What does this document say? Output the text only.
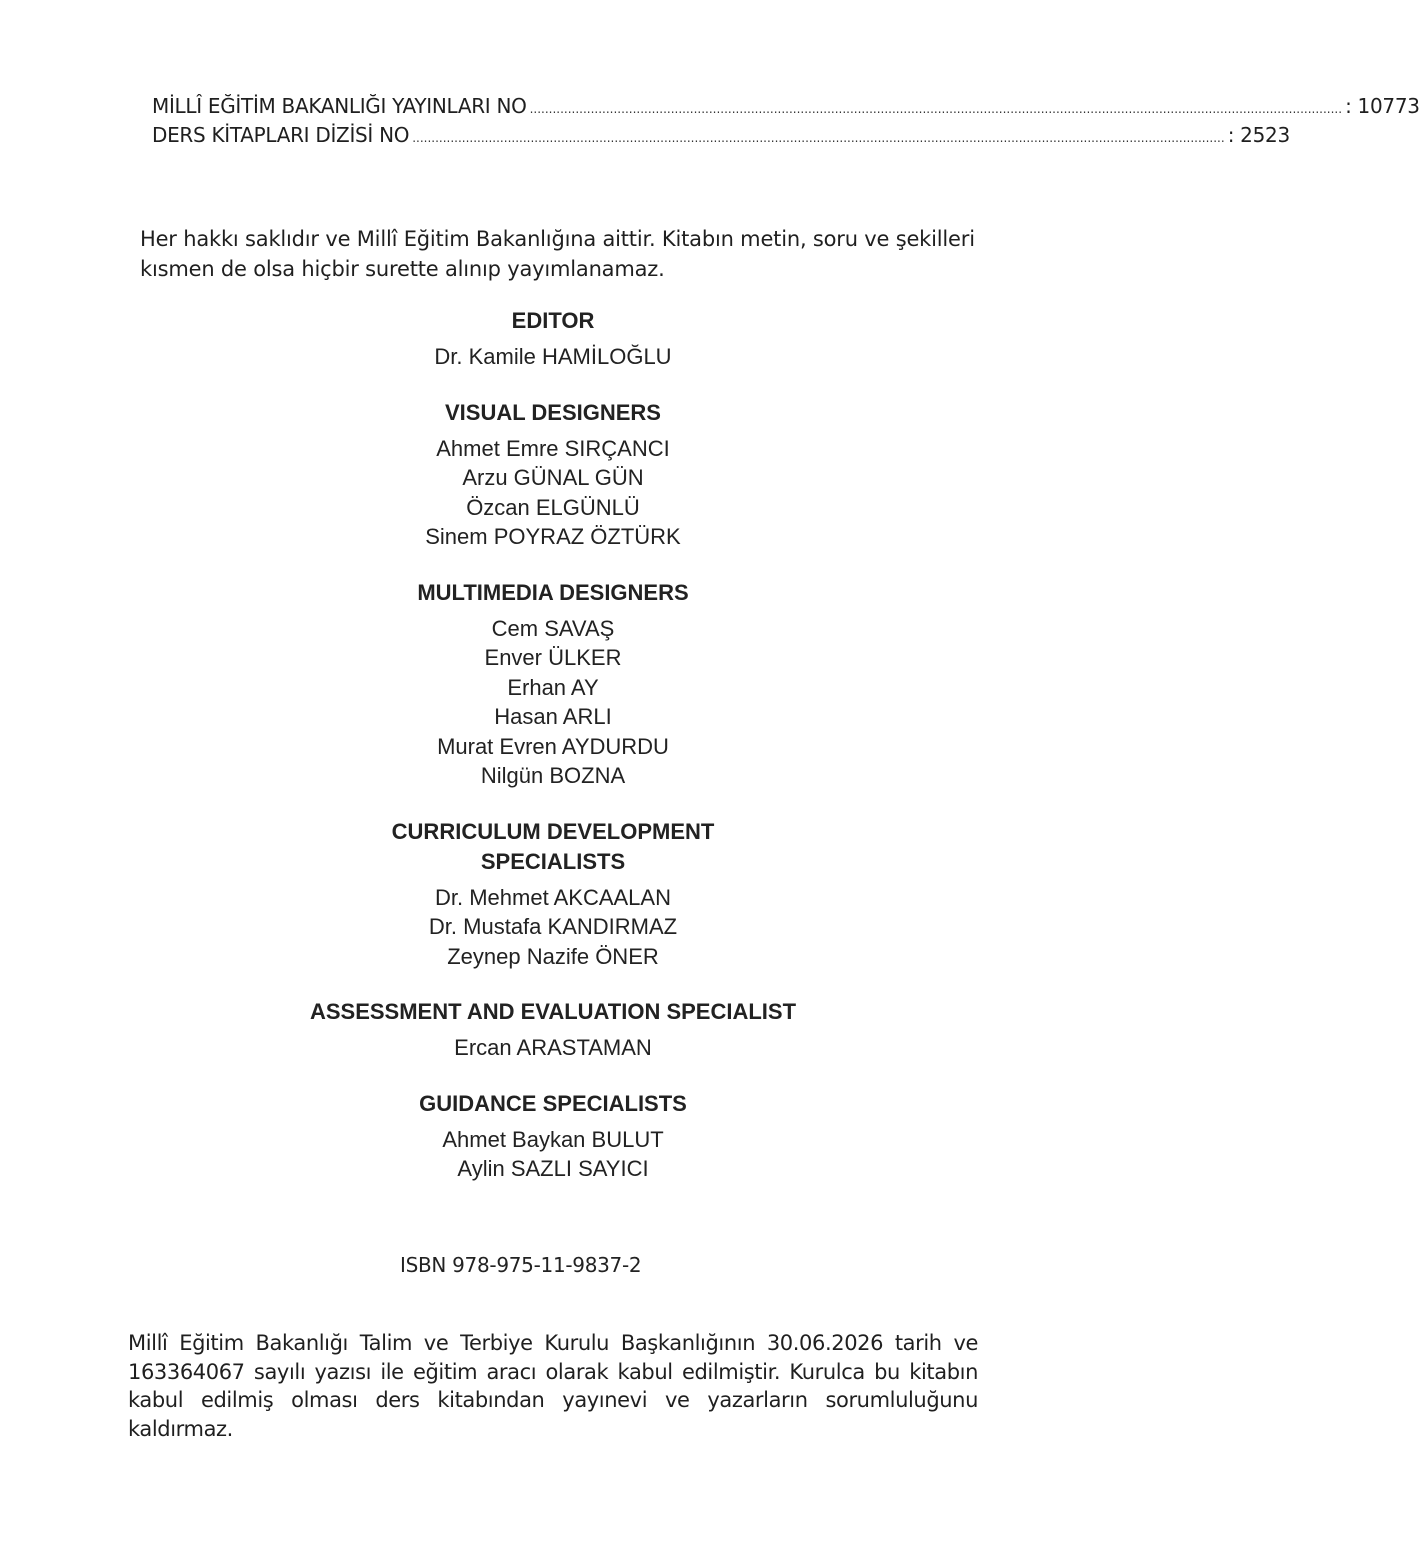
MİLLÎ EĞİTİM BAKANLIĞI YAYINLARI NO ..................................................................................................................................................................................................................... : 10773
DERS KİTAPLARI DİZİSİ NO ..................................................................................................................................................................................................................... : 2523

Her hakkı saklıdır ve Millî Eğitim Bakanlığına aittir. Kitabın metin, soru ve şekilleri kısmen de olsa hiçbir surette alınıp yayımlanamaz.

EDITOR
Dr. Kamile HAMİLOĞLU
VISUAL DESIGNERS
Ahmet Emre SIRÇANCI
Arzu GÜNAL GÜN
Özcan ELGÜNLÜ
Sinem POYRAZ ÖZTÜRK
MULTIMEDIA DESIGNERS
Cem SAVAŞ
Enver ÜLKER
Erhan AY
Hasan ARLI
Murat Evren AYDURDU
Nilgün BOZNA
CURRICULUM DEVELOPMENT SPECIALISTS
Dr. Mehmet AKCAALAN
Dr. Mustafa KANDIRMAZ
Zeynep Nazife ÖNER
ASSESSMENT AND EVALUATION SPECIALIST
Ercan ARASTAMAN
GUIDANCE SPECIALISTS
Ahmet Baykan BULUT
Aylin SAZLI SAYICI
ISBN 978-975-11-9837-2

Millî Eğitim Bakanlığı Talim ve Terbiye Kurulu Başkanlığının 30.06.2026 tarih ve 163364067 sayılı yazısı ile eğitim aracı olarak kabul edilmiştir. Kurulca bu kitabın kabul edilmiş olması ders kitabından yayınevi ve yazarların sorumluluğunu kaldırmaz.
